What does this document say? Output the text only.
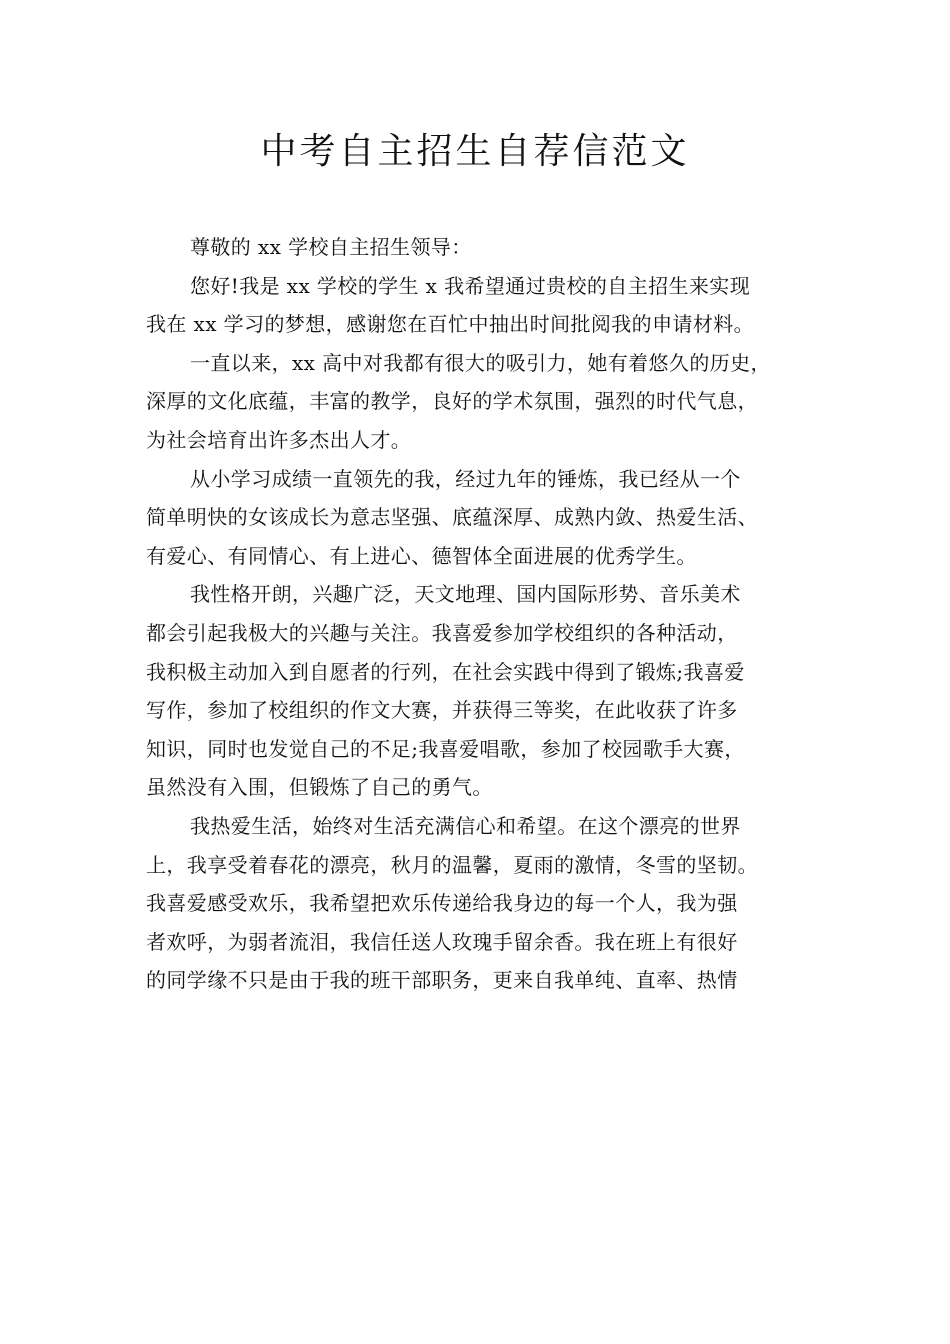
中考自主招生自荐信范文
尊敬的 xx 学校自主招生领导：
您好!我是 xx 学校的学生 x 我希望通过贵校的自主招生来实现
我在 xx 学习的梦想，感谢您在百忙中抽出时间批阅我的申请材料。
一直以来，xx 高中对我都有很大的吸引力，她有着悠久的历史，
深厚的文化底蕴，丰富的教学，良好的学术氛围，强烈的时代气息，
为社会培育出许多杰出人才。
从小学习成绩一直领先的我，经过九年的锤炼，我已经从一个
简单明快的女该成长为意志坚强、底蕴深厚、成熟内敛、热爱生活、
有爱心、有同情心、有上进心、德智体全面进展的优秀学生。
我性格开朗，兴趣广泛，天文地理、国内国际形势、音乐美术
都会引起我极大的兴趣与关注。我喜爱参加学校组织的各种活动，
我积极主动加入到自愿者的行列，在社会实践中得到了锻炼;我喜爱
写作，参加了校组织的作文大赛，并获得三等奖，在此收获了许多
知识，同时也发觉自己的不足;我喜爱唱歌，参加了校园歌手大赛，
虽然没有入围，但锻炼了自己的勇气。
我热爱生活，始终对生活充满信心和希望。在这个漂亮的世界
上，我享受着春花的漂亮，秋月的温馨，夏雨的激情，冬雪的坚韧。
我喜爱感受欢乐，我希望把欢乐传递给我身边的每一个人，我为强
者欢呼，为弱者流泪，我信任送人玫瑰手留余香。我在班上有很好
的同学缘不只是由于我的班干部职务，更来自我单纯、直率、热情
